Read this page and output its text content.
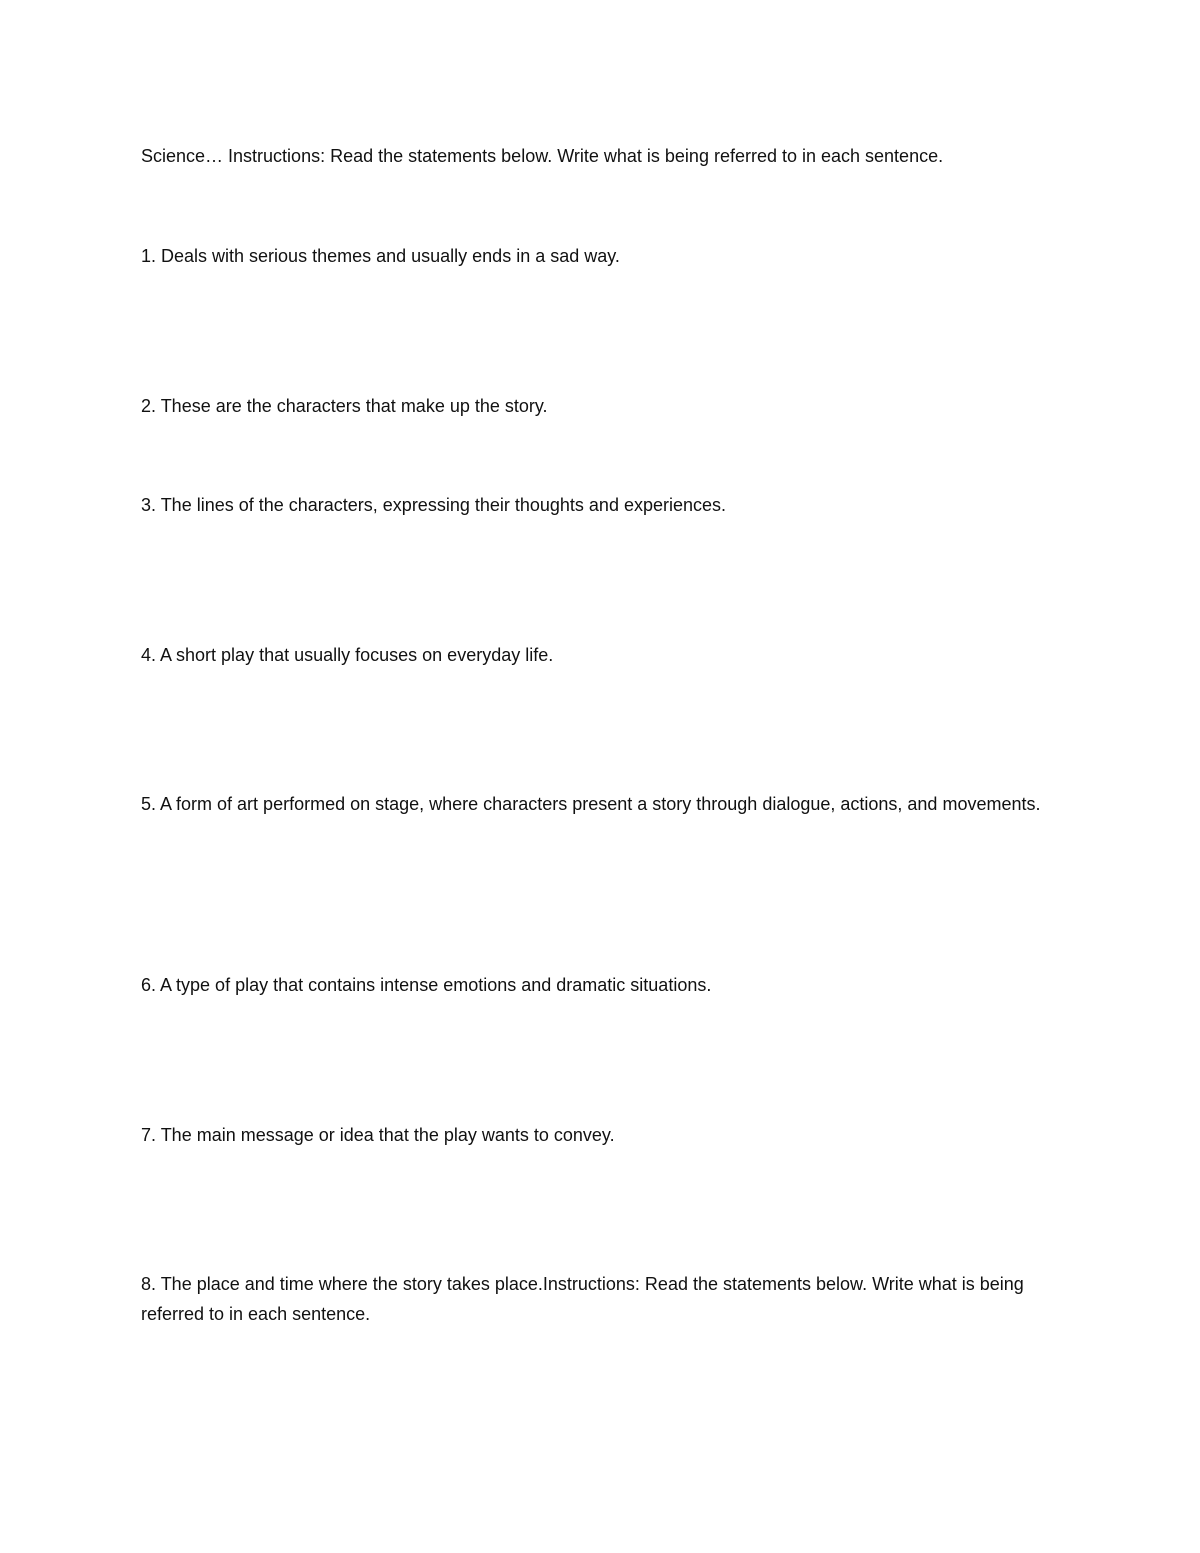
Science… Instructions: Read the statements below. Write what is being referred to in each sentence.
1. Deals with serious themes and usually ends in a sad way.
2. These are the characters that make up the story.
3. The lines of the characters, expressing their thoughts and experiences.
4. A short play that usually focuses on everyday life.
5. A form of art performed on stage, where characters present a story through dialogue, actions, and movements.
6. A type of play that contains intense emotions and dramatic situations.
7. The main message or idea that the play wants to convey.
8. The place and time where the story takes place.Instructions: Read the statements below. Write what is being referred to in each sentence.
